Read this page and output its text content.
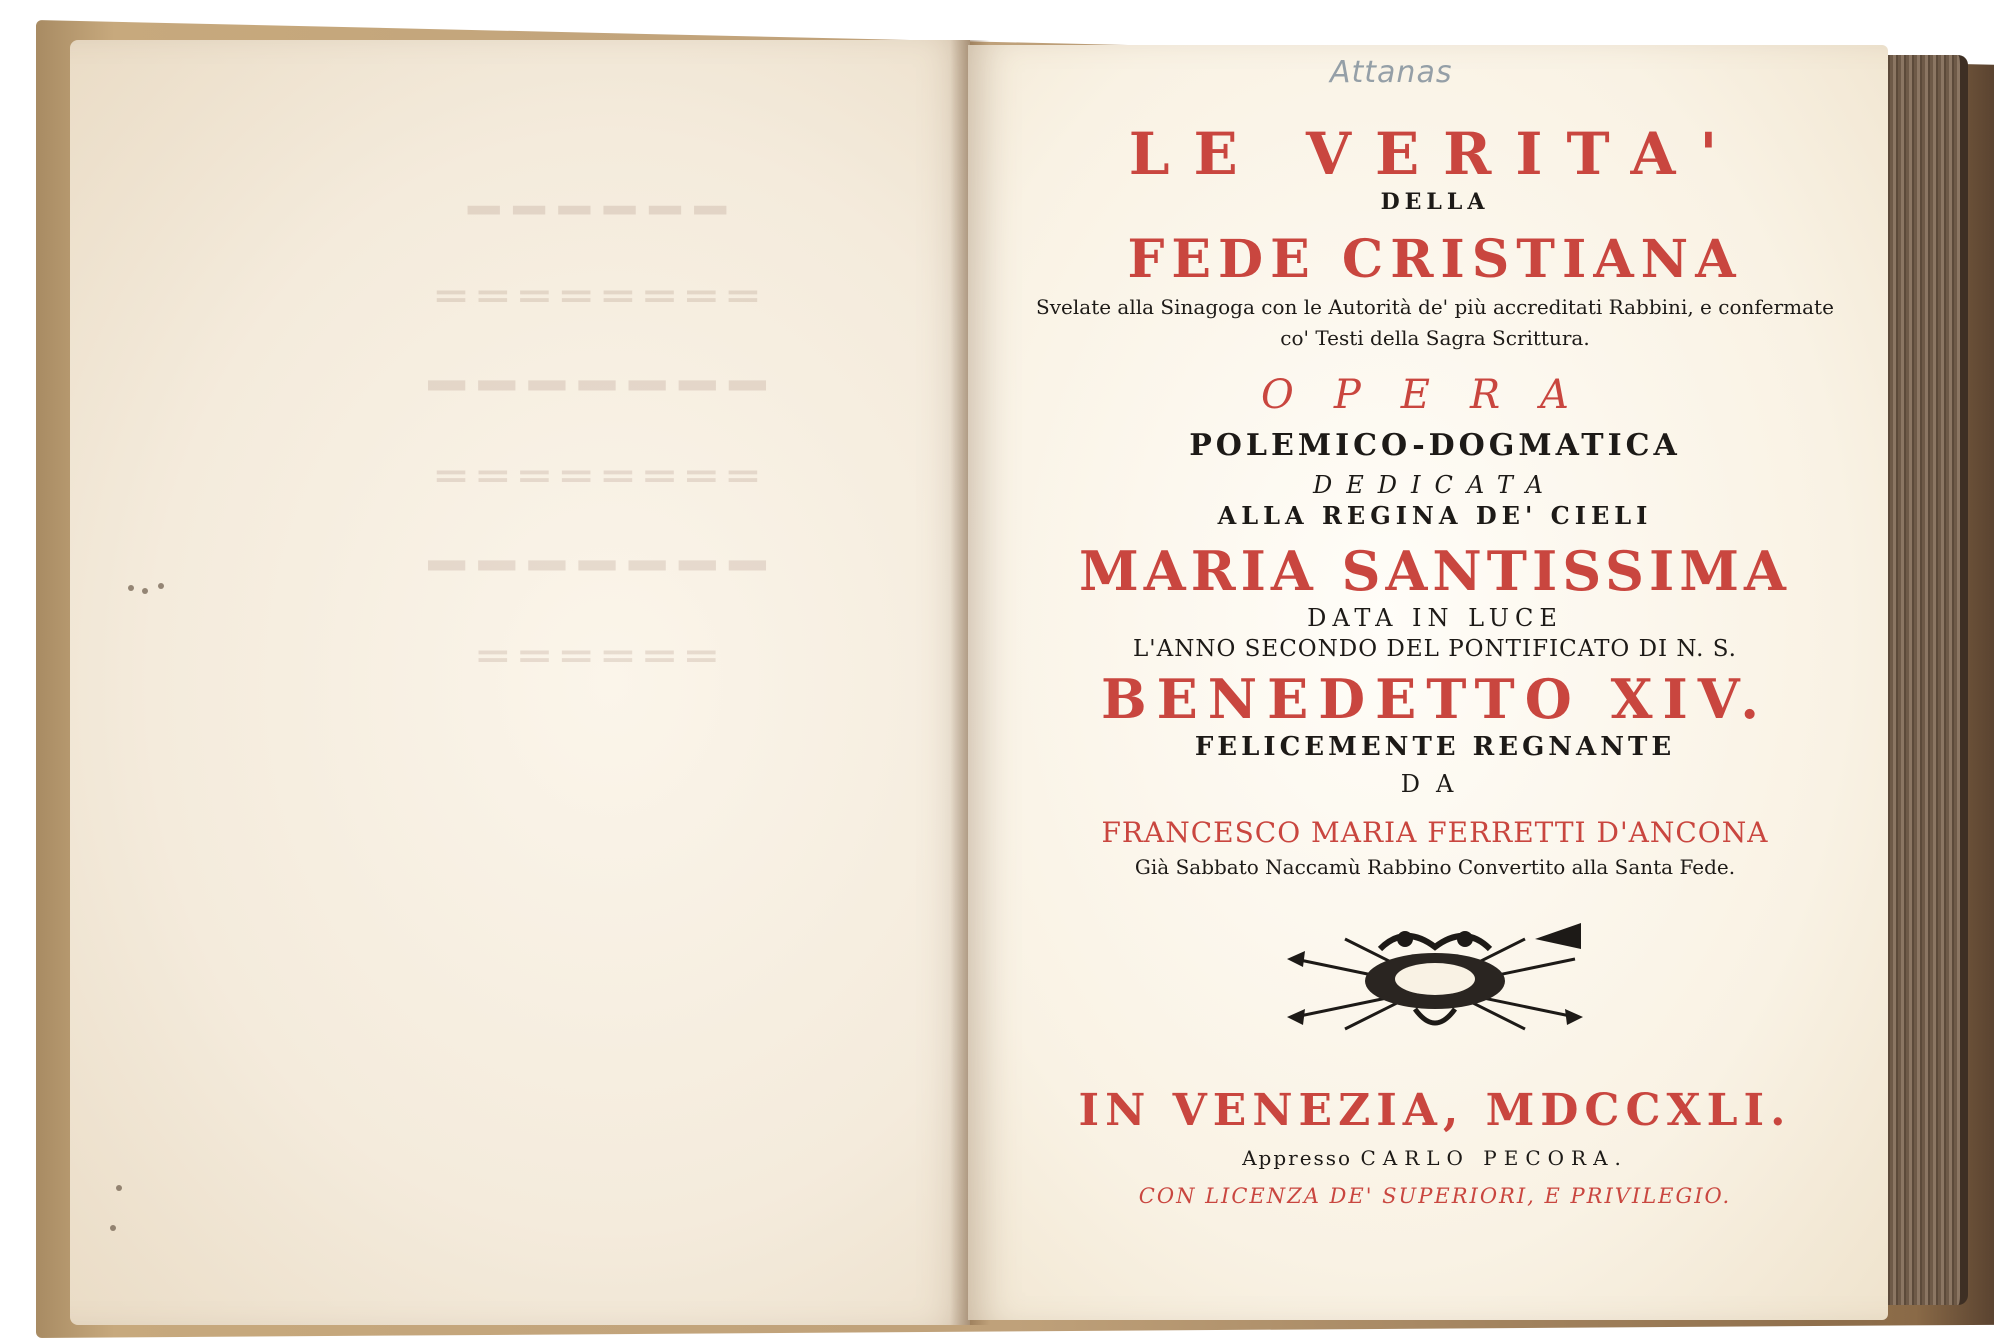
━━━━━━
════════
━━━━━━━
════════
━━━━━━━
══════
Attanas
LE VERITA'
DELLA
FEDE CRISTIANA
Svelate alla Sinagoga con le Autorità de' più accreditati Rabbini, e confermate
co' Testi della Sagra Scrittura.
OPERA
POLEMICO-DOGMATICA
DEDICATA
ALLA REGINA DE' CIELI
MARIA SANTISSIMA
DATA IN LUCE
L'ANNO SECONDO DEL PONTIFICATO DI N. S.
BENEDETTO XIV.
FELICEMENTE REGNANTE
DA
FRANCESCO MARIA FERRETTI D'ANCONA
Già Sabbato Naccamù Rabbino Convertito alla Santa Fede.
IN VENEZIA, MDCCXLI.
Appresso CARLO PECORA.
CON LICENZA DE' SUPERIORI, E PRIVILEGIO.
